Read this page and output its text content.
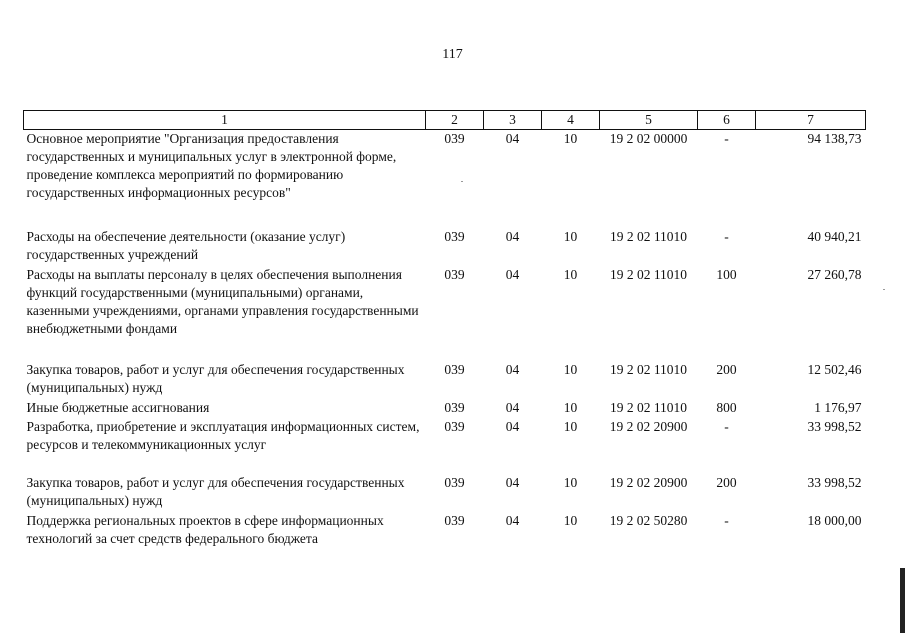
117
1	2	3	4	5	6	7
Основное мероприятие "Организация предоставления государственных и муниципальных услуг в электронной форме, проведение комплекса мероприятий по формированию государственных информационных ресурсов"	039	04	10	19 2 02 00000	-	94 138,73
Расходы на обеспечение деятельности (оказание услуг) государственных учреждений	039	04	10	19 2 02 11010	-	40 940,21
Расходы на выплаты персоналу в целях обеспечения выполнения функций государственными (муниципальными) органами, казенными учреждениями, органами управления государственными внебюджетными фондами	039	04	10	19 2 02 11010	100	27 260,78
Закупка товаров, работ и услуг для обеспечения государственных (муниципальных) нужд	039	04	10	19 2 02 11010	200	12 502,46
Иные бюджетные ассигнования	039	04	10	19 2 02 11010	800	1 176,97
Разработка, приобретение и эксплуатация информационных систем, ресурсов и телекоммуникационных услуг	039	04	10	19 2 02 20900	-	33 998,52
Закупка товаров, работ и услуг для обеспечения государственных (муниципальных) нужд	039	04	10	19 2 02 20900	200	33 998,52
Поддержка региональных проектов в сфере информационных технологий за счет средств федерального бюджета	039	04	10	19 2 02 50280	-	18 000,00
